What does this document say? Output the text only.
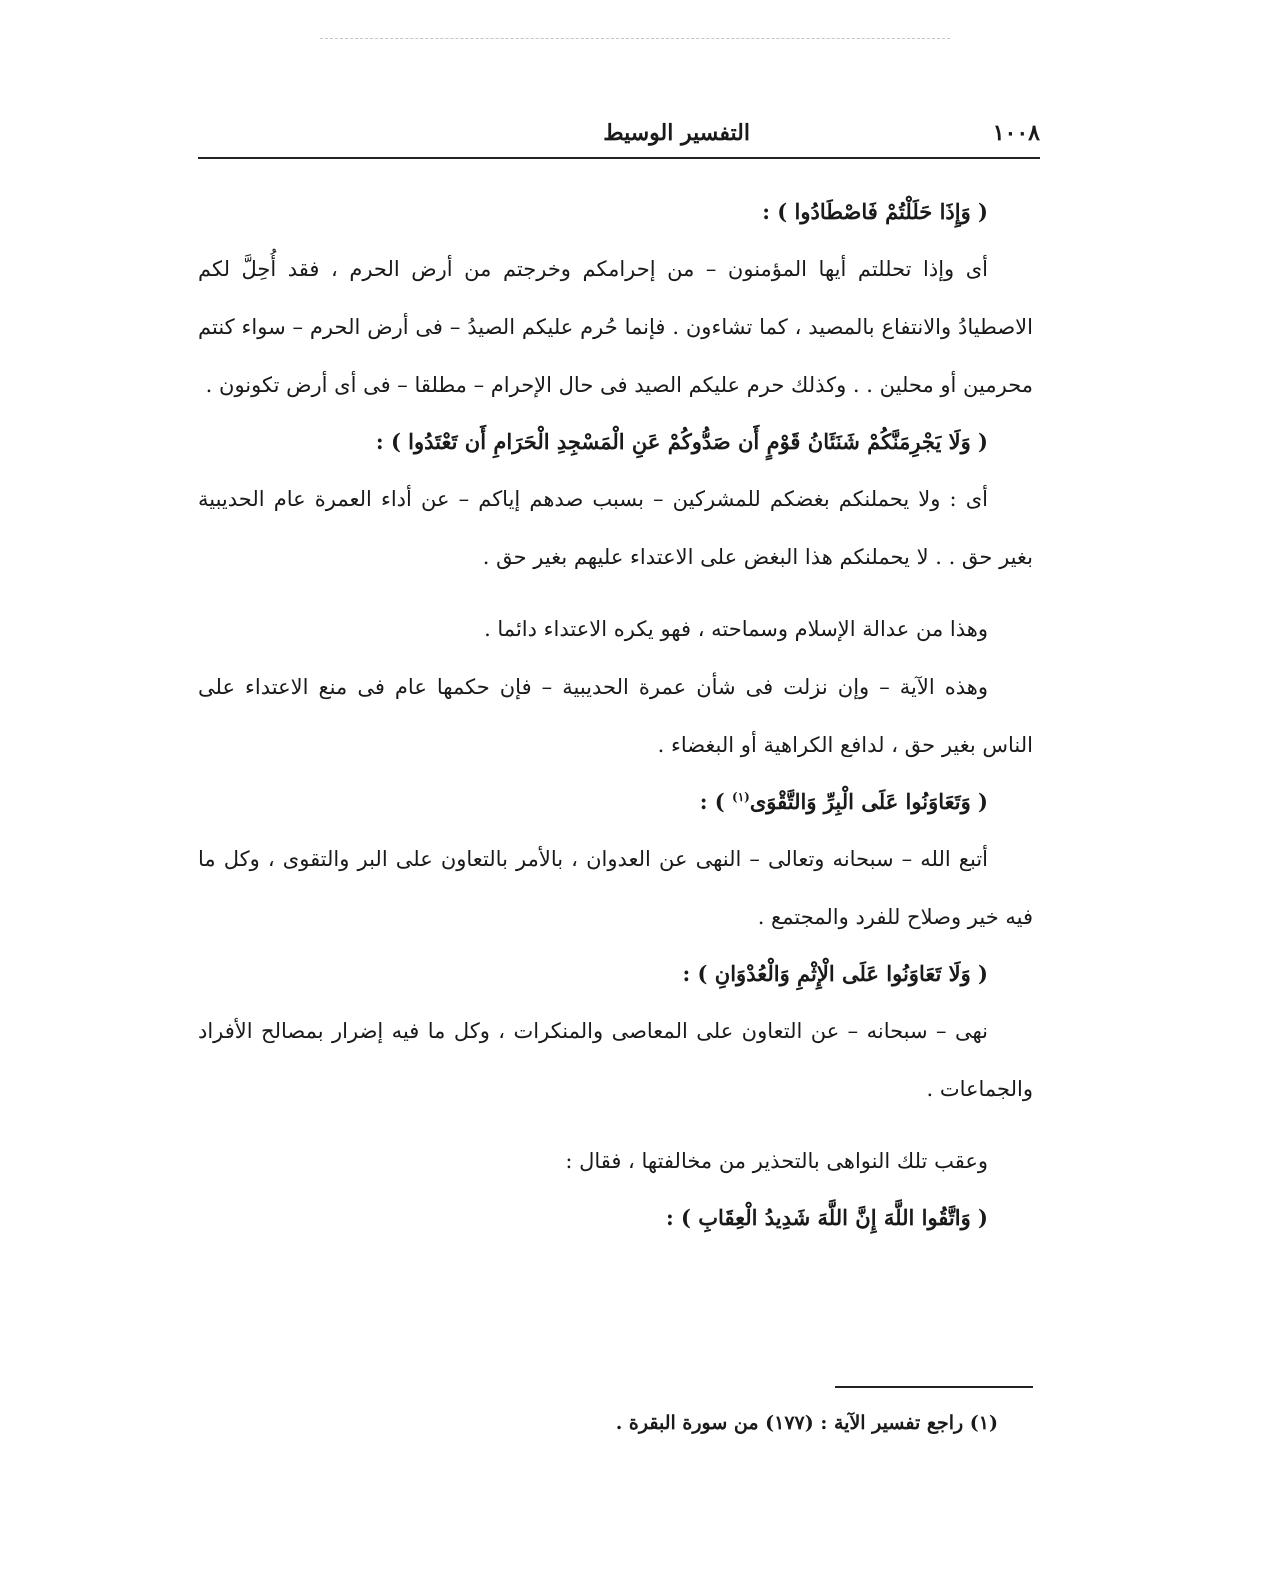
١٠٠٨
التفسير الوسيط
( وَإِذَا حَلَلْتُمْ فَاصْطَادُوا ) :

أى وإذا تحللتم أيها المؤمنون – من إحرامكم وخرجتم من أرض الحرم ، فقد أُحِلَّ لكم الاصطيادُ والانتفاع بالمصيد ، كما تشاءون . فإنما حُرم عليكم الصيدُ – فى أرض الحرم – سواء كنتم محرمين أو محلين . . وكذلك حرم عليكم الصيد فى حال الإحرام – مطلقا – فى أى أرض تكونون .

( وَلَا يَجْرِمَنَّكُمْ شَنَئَانُ قَوْمٍ أَن صَدُّوكُمْ عَنِ الْمَسْجِدِ الْحَرَامِ أَن تَعْتَدُوا ) :

أى : ولا يحملنكم بغضكم للمشركين – بسبب صدهم إياكم – عن أداء العمرة عام الحديبية بغير حق . . لا يحملنكم هذا البغض على الاعتداء عليهم بغير حق .

وهذا من عدالة الإسلام وسماحته ، فهو يكره الاعتداء دائما .

وهذه الآية – وإن نزلت فى شأن عمرة الحديبية – فإن حكمها عام فى منع الاعتداء على الناس بغير حق ، لدافع الكراهية أو البغضاء .

( وَتَعَاوَنُوا عَلَى الْبِرِّ وَالتَّقْوَى$^{(١)}$ ) :

أتبع الله – سبحانه وتعالى – النهى عن العدوان ، بالأمر بالتعاون على البر والتقوى ، وكل ما فيه خير وصلاح للفرد والمجتمع .

( وَلَا تَعَاوَنُوا عَلَى الْإِثْمِ وَالْعُدْوَانِ ) :

نهى – سبحانه – عن التعاون على المعاصى والمنكرات ، وكل ما فيه إضرار بمصالح الأفراد والجماعات .

وعقب تلك النواهى بالتحذير من مخالفتها ، فقال :

( وَاتَّقُوا اللَّهَ إِنَّ اللَّهَ شَدِيدُ الْعِقَابِ ) :
(١) راجع تفسير الآية : (١٧٧) من سورة البقرة .
